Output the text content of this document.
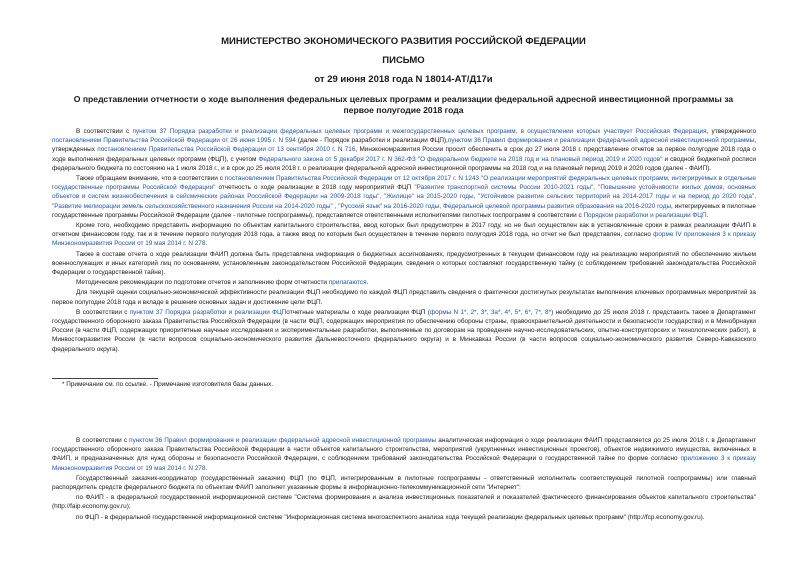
МИНИСТЕРСТВО ЭКОНОМИЧЕСКОГО РАЗВИТИЯ РОССИЙСКОЙ ФЕДЕРАЦИИ
ПИСЬМО
от 29 июня 2018 года N 18014-АТ/Д17и
О представлении отчетности о ходе выполнения федеральных целевых программ и реализации федеральной адресной инвестиционной программы за первое полугодие 2018 года

В соответствии с пунктом 37 Порядка разработки и реализации федеральных целевых программ и межгосударственных целевых программ, в осуществлении которых участвует Российская Федерация, утвержденного постановлением Правительства Российской Федерации от 26 июня 1995 г. N 594 (далее - Порядок разработки и реализации ФЦП),пунктом 36 Правил формирования и реализации федеральной адресной инвестиционной программы, утвержденных постановлением Правительства Российской Федерации от 13 сентября 2010 г. N 716, Минэкономразвития России просит обеспечить в срок до 27 июля 2018 г. представление отчетов за первое полугодие 2018 года о ходе выполнения федеральных целевых программ (ФЦП), с учетом Федерального закона от 5 декабря 2017 г. N 362-ФЗ "О федеральном бюджете на 2018 год и на плановый период 2019 и 2020 годов" и сводной бюджетной росписи федерального бюджета по состоянию на 1 июля 2018 г., и в срок до 25 июля 2018 г. о реализации федеральной адресной инвестиционной программы на 2018 год и на плановый период 2019 и 2020 годов (далее - ФАИП).

Также обращаем внимание, что в соответствии с постановлением Правительства Российской Федерации от 12 октября 2017 г. N 1243 "О реализации мероприятий федеральных целевых программ, интегрируемых в отдельные государственные программы Российской Федерации" отчетность о ходе реализации в 2018 году мероприятий ФЦП "Развитие транспортной системы России 2010-2021 годы", "Повышение устойчивости жилых домов, основных объектов и систем жизнеобеспечения в сейсмических районах Российской Федерации на 2009-2018 годы", "Жилище" на 2015-2020 годы, "Устойчивое развитие сельских территорий на 2014-2017 годы и на период до 2020 года", "Развитие мелиорации земель сельскохозяйственного назначения России на 2014-2020 годы" , "Русский язык" на 2016-2020 годы, Федеральной целевой программы развития образования на 2016-2020 годы, интегрируемых в пилотные государственные программы Российской Федерации (далее - пилотные госпрограммы), представляется ответственными исполнителями пилотных госпрограмм в соответствии с Порядком разработки и реализации ФЦП.

Кроме того, необходимо представить информацию по объектам капитального строительства, ввод которых был предусмотрен в 2017 году, но не был осуществлен как в установленные сроки в рамках реализации ФАИП в отчетном финансовом году, так и в течение первого полугодия 2018 года, а также ввод по которым был осуществлен в течение первого полугодия 2018 года, но отчет не был представлен, согласно форме IV приложения 3 к приказу Минэкономразвития России от 19 мая 2014 г. N 278.

Также в составе отчета о ходе реализации ФАИП должна быть представлена информация о бюджетных ассигнованиях, предусмотренных в текущем финансовом году на реализацию мероприятий по обеспечению жильем военнослужащих и иных категорий лиц по основаниям, установленным законодательством Российской Федерации, сведения о которых составляют государственную тайну (с соблюдением требований законодательства Российской Федерации о государственной тайне).

Методические рекомендации по подготовке отчетов и заполнению форм отчетности прилагаются.

Для текущей оценки социально-экономической эффективности реализации ФЦП необходимо по каждой ФЦП представить сведения о фактически достигнутых результатах выполнения ключевых программных мероприятий за первое полугодие 2018 года и вкладе в решение основных задач и достижение цели ФЦП.

В соответствии с пунктом 37 Порядка разработки и реализации ФЦПотчетные материалы о ходе реализации ФЦП (формы N 1*, 2*, 3*, 3а*, 4*, 5*, 6*, 7*, 8*) необходимо до 25 июля 2018 г. представить также в Департамент государственного оборонного заказа Правительства Российской Федерации (в части ФЦП, содержащих мероприятия по обеспечению обороны страны, правоохранительной деятельности и безопасности государства) и в Минобрнауки России (в части ФЦП, содержащих приоритетные научные исследования и экспериментальные разработки, выполняемые по договорам на проведение научно-исследовательских, опытно-конструкторских и технологических работ), в Минвостокразвития России (в части вопросов социально-экономического развития Дальневосточного федерального округа) и в Минкавказ России (в части вопросов социально-экономического развития Северо-Кавказского федерального округа).

* Примечание см. по ссылке. - Примечание изготовителя базы данных.

В соответствии с пунктом 36 Правил формирования и реализации федеральной адресной инвестиционной программы аналитическая информация о ходе реализации ФАИП представляется до 25 июля 2018 г. в Департамент государственного оборонного заказа Правительства Российской Федерации в части объектов капитального строительства, мероприятий (укрупненных инвестиционных проектов), объектов недвижимого имущества, включенных в ФАИП, и предназначенных для нужд обороны и безопасности Российской Федерации, с соблюдением требований законодательства Российской Федерации о государственной тайне по форме согласно приложению 3 к приказу Минэкономразвития России от 19 мая 2014 г. N 278.

Государственный заказчик-координатор (государственный заказчик) ФЦП (по ФЦП, интегрированным в пилотные госпрограммы - ответственный исполнитель соответствующей пилотной госпрограммы) или главный распорядитель средств федерального бюджета по объектам ФАИП заполняет указанные формы в информационно-телекоммуникационной сети "Интернет":

по ФАИП - в федеральной государственной информационной системе "Система формирования и анализа инвестиционных показателей и показателей фактического финансирования объектов капитального строительства" (http://faip.economy.gov.ru);

по ФЦП - в федеральной государственной информационной системе "Информационная система многоаспектного анализа хода текущей реализации федеральных целевых программ" (http://fcp.economy.gov.ru).
